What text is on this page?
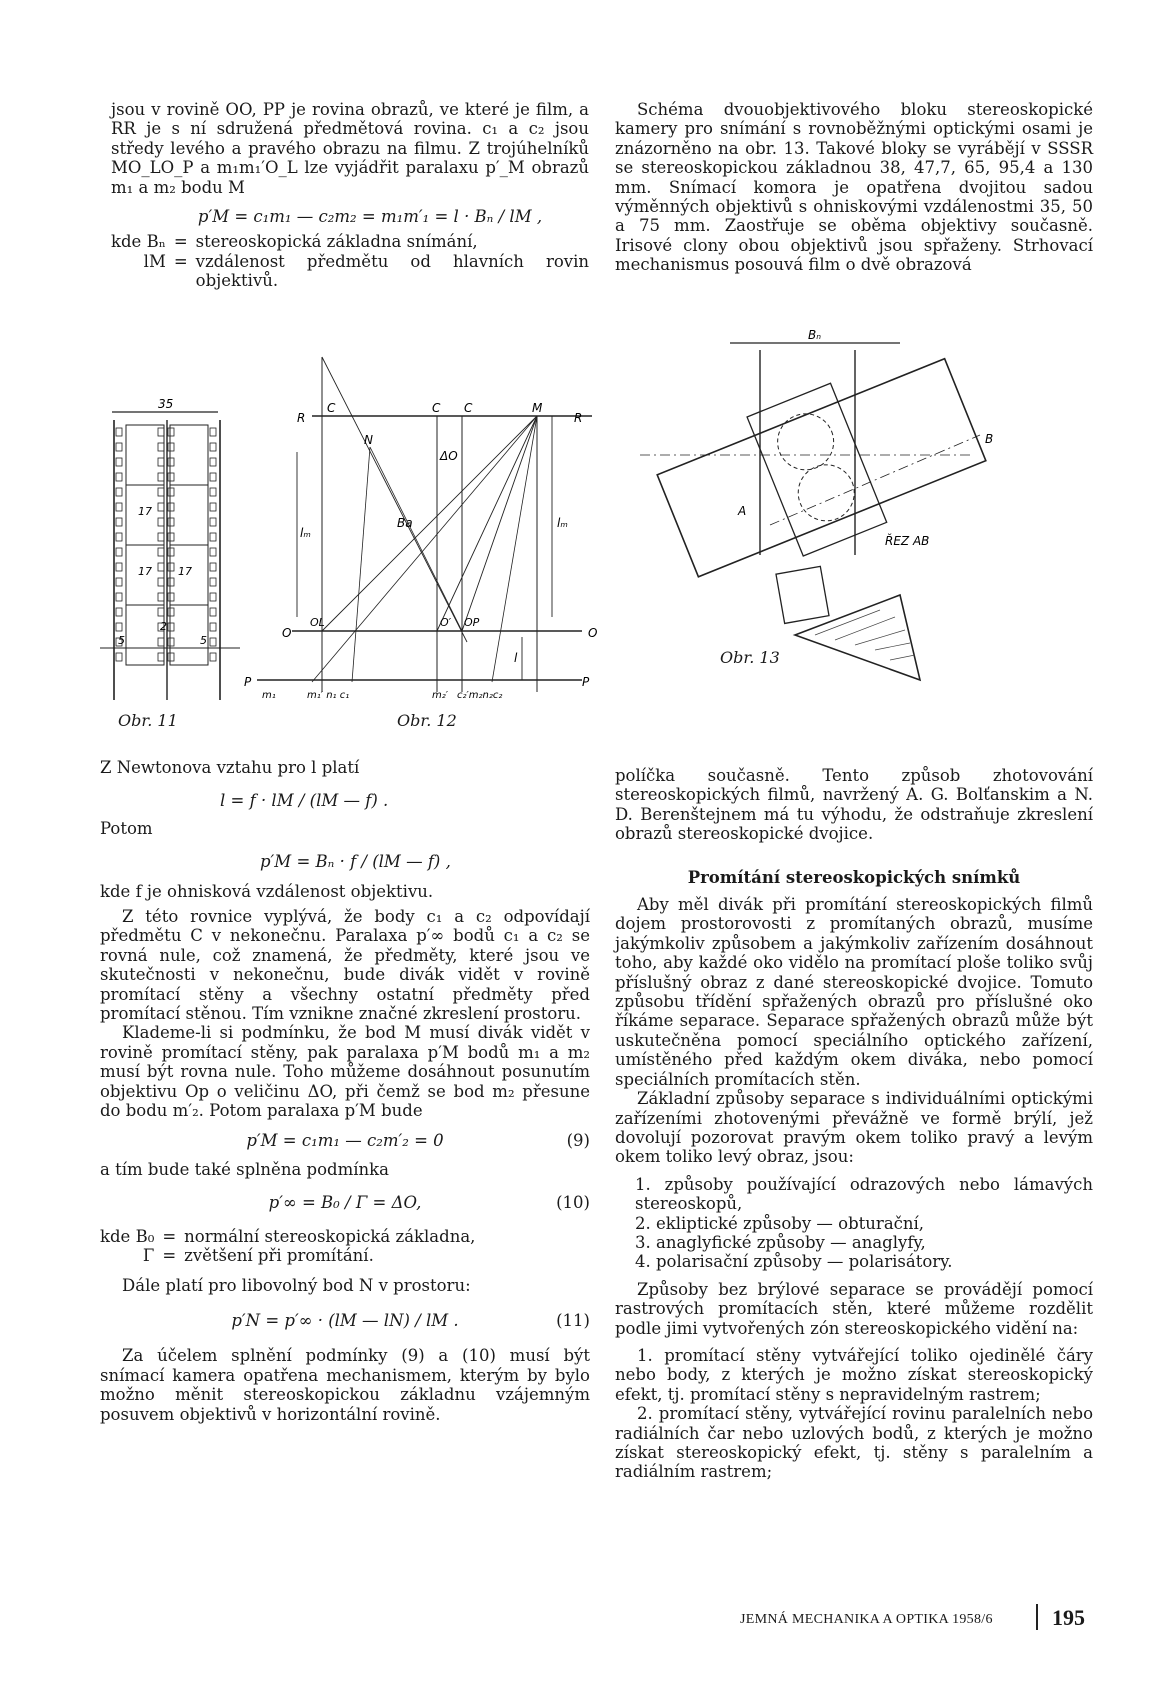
jsou v rovině OO, PP je rovina obrazů, ve které je film, a RR je s ní sdružená předmětová rovina. c₁ a c₂ jsou středy levého a pravého obrazu na filmu. Z trojúhelníků MO_LO_P a m₁m₁′O_L lze vyjádřit paralaxu p′_M obrazů m₁ a m₂ bodu M

p′M = c₁m₁ — c₂m₂ = m₁m′₁ = l · Bₙ / lM ,
kde Bₙ = stereoskopická základna snímání,
lM = vzdálenost předmětu od hlavních rovin objektivů.
35
17
17 17
5
2
5
Obr. 11
R	R
C	C C	M
N
ΔO
Ba
lₘ
lₘ
O	O
OL	O′ OP
l
P	P
m₁	m₁′ n₁ c₁	m₂′ c₂′m₂n₂c₂
Obr. 12

Z Newtonova vztahu pro l platí

l = f · lM / (lM — f) .

Potom

p′M = Bₙ · f / (lM — f) ,

kde f je ohnisková vzdálenost objektivu.

Z této rovnice vyplývá, že body c₁ a c₂ odpovídají předmětu C v nekonečnu. Paralaxa p′∞ bodů c₁ a c₂ se rovná nule, což znamená, že předměty, které jsou ve skutečnosti v nekonečnu, bude divák vidět v rovině promítací stěny a všechny ostatní předměty před promítací stěnou. Tím vznikne značné zkreslení prostoru.

Klademe-li si podmínku, že bod M musí divák vidět v rovině promítací stěny, pak paralaxa p′M bodů m₁ a m₂ musí být rovna nule. Toho můžeme dosáhnout posunutím objektivu Op o veličinu ΔO, při čemž se bod m₂ přesune do bodu m′₂. Potom paralaxa p′M bude

p′M = c₁m₁ — c₂m′₂ = 0	(9)

a tím bude také splněna podmínka

p′∞ = B₀ / Γ = ΔO,	(10)
kde B₀ = normální stereoskopická základna,
Γ = zvětšení při promítání.

Dále platí pro libovolný bod N v prostoru:

p′N = p′∞ · (lM — lN) / lM .	(11)

Za účelem splnění podmínky (9) a (10) musí být snímací kamera opatřena mechanismem, kterým by bylo možno měnit stereoskopickou základnu vzájemným posuvem objektivů v horizontální rovině.

Schéma dvouobjektivového bloku stereoskopické kamery pro snímání s rovnoběžnými optickými osami je znázorněno na obr. 13. Takové bloky se vyrábějí v SSSR se stereoskopickou základnou 38, 47,7, 65, 95,4 a 130 mm. Snímací komora je opatřena dvojitou sadou výměnných objektivů s ohniskovými vzdálenostmi 35, 50 a 75 mm. Zaostřuje se oběma objektivy současně. Irisové clony obou objektivů jsou spřaženy. Strhovací mechanismus posouvá film o dvě obrazová

Bₙ
A
B
ŘEZ AB
Obr. 13

políčka současně. Tento způsob zhotovování stereoskopických filmů, navržený A. G. Bolťanskim a N. D. Berenštejnem má tu výhodu, že odstraňuje zkreslení obrazů stereoskopické dvojice.

Promítání stereoskopických snímků

Aby měl divák při promítání stereoskopických filmů dojem prostorovosti z promítaných obrazů, musíme jakýmkoliv způsobem a jakýmkoliv zařízením dosáhnout toho, aby každé oko vidělo na promítací ploše toliko svůj příslušný obraz z dané stereoskopické dvojice. Tomuto způsobu třídění spřažených obrazů pro příslušné oko říkáme separace. Separace spřažených obrazů může být uskutečněna pomocí speciálního optického zařízení, umístěného před každým okem diváka, nebo pomocí speciálních promítacích stěn.

Základní způsoby separace s individuálními optickými zařízeními zhotovenými převážně ve formě brýlí, jež dovolují pozorovat pravým okem toliko pravý a levým okem toliko levý obraz, jsou:

1. způsoby používající odrazových nebo lámavých stereoskopů,

2. ekliptické způsoby — obturační,

3. anaglyfické způsoby — anaglyfy,

4. polarisační způsoby — polarisátory.

Způsoby bez brýlové separace se provádějí pomocí rastrových promítacích stěn, které můžeme rozdělit podle jimi vytvořených zón stereoskopického vidění na:

1. promítací stěny vytvářející toliko ojedinělé čáry nebo body, z kterých je možno získat stereoskopický efekt, tj. promítací stěny s nepravidelným rastrem;

2. promítací stěny, vytvářející rovinu paralelních nebo radiálních čar nebo uzlových bodů, z kterých je možno získat stereoskopický efekt, tj. stěny s paralelním a radiálním rastrem;

JEMNÁ MECHANIKA A OPTIKA 1958/6	195
